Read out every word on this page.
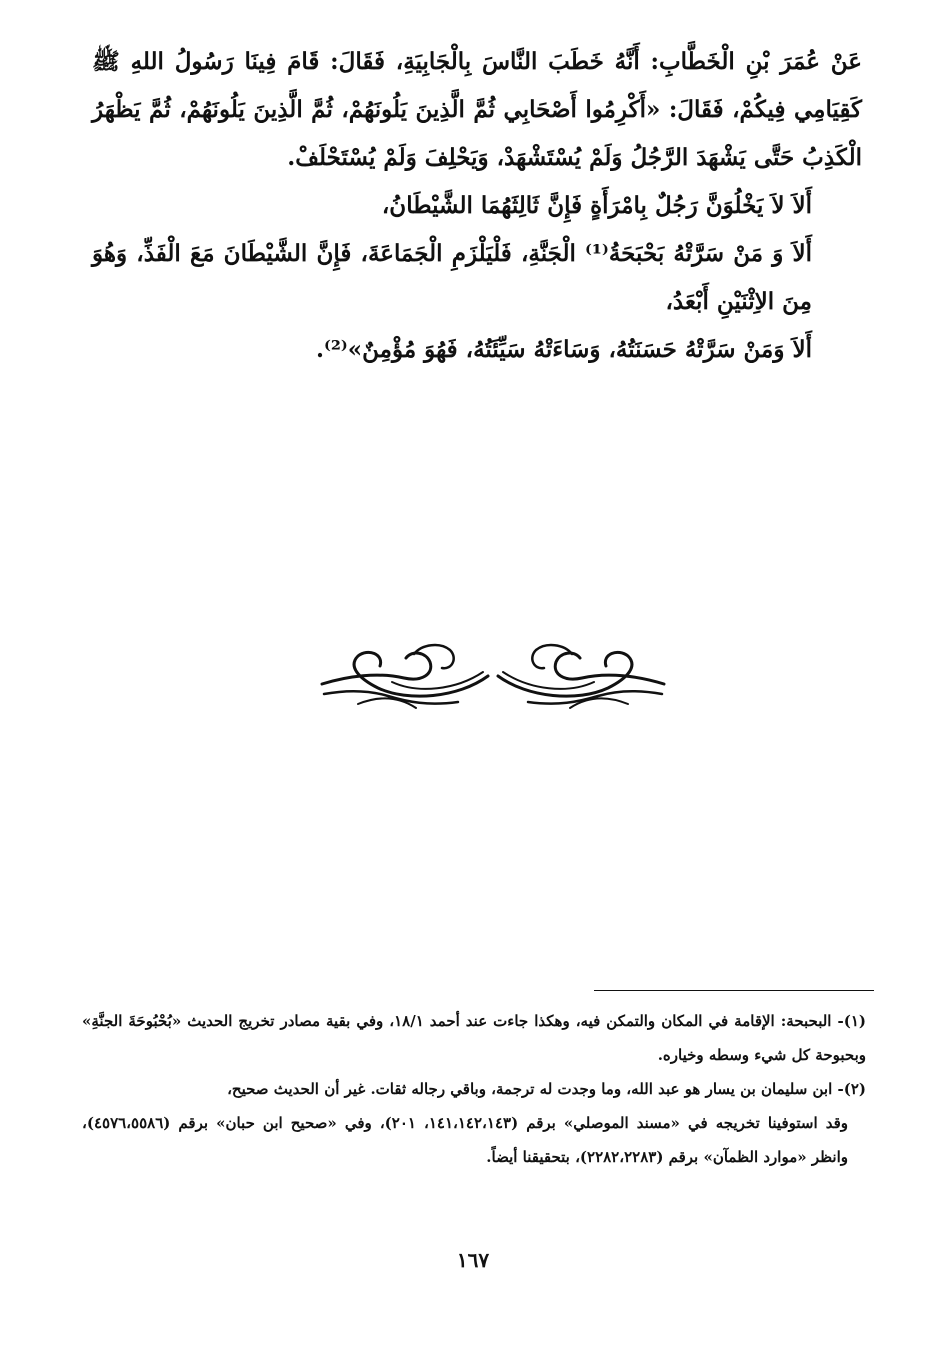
عَنْ عُمَرَ بْنِ الْخَطَّابِ: أَنَّهُ خَطَبَ النَّاسَ بِالْجَابِيَةِ، فَقَالَ: قَامَ فِينَا رَسُولُ اللهِ ﷺ كَقِيَامِي فِيكُمْ، فَقَالَ: «أَكْرِمُوا أَصْحَابِي ثُمَّ الَّذِينَ يَلُونَهُمْ، ثُمَّ الَّذِينَ يَلُونَهُمْ، ثُمَّ يَظْهَرُ الْكَذِبُ حَتَّى يَشْهَدَ الرَّجُلُ وَلَمْ يُسْتَشْهَدْ، وَيَحْلِفَ وَلَمْ يُسْتَحْلَفْ.

أَلاَ لاَ يَخْلُوَنَّ رَجُلٌ بِامْرَأَةٍ فَإِنَّ ثَالِثَهُمَا الشَّيْطَانُ،

أَلاَ وَ مَنْ سَرَّتْهُ بَحْبَحَةُ⁽¹⁾ الْجَنَّةِ، فَلْيَلْزَمِ الْجَمَاعَةَ، فَإِنَّ الشَّيْطَانَ مَعَ الْفَذِّ، وَهُوَ مِنَ الاِثْنَيْنِ أَبْعَدُ،

أَلاَ وَمَنْ سَرَّتْهُ حَسَنَتُهُ، وَسَاءَتْهُ سَيِّئَتُهُ، فَهُوَ مُؤْمِنٌ»⁽²⁾.

(١)- البحبحة: الإقامة في المكان والتمكن فيه، وهكذا جاءت عند أحمد ١٨/١، وفي بقية مصادر تخريج الحديث «بُحْبُوحَةَ الجنَّةِ» وبحبوحة كل شيء وسطه وخياره.

(٢)- ابن سليمان بن يسار هو عبد الله، وما وجدت له ترجمة، وباقي رجاله ثقات. غير أن الحديث صحيح،

وقد استوفينا تخريجه في «مسند الموصلي» برقم (١٤١،١٤٢،١٤٣، ٢٠١)، وفي «صحيح ابن حبان» برقم (٤٥٧٦،٥٥٨٦)، وانظر «موارد الظمآن» برقم (٢٢٨٢،٢٢٨٣)، بتحقيقنا أيضاً.

١٦٧
